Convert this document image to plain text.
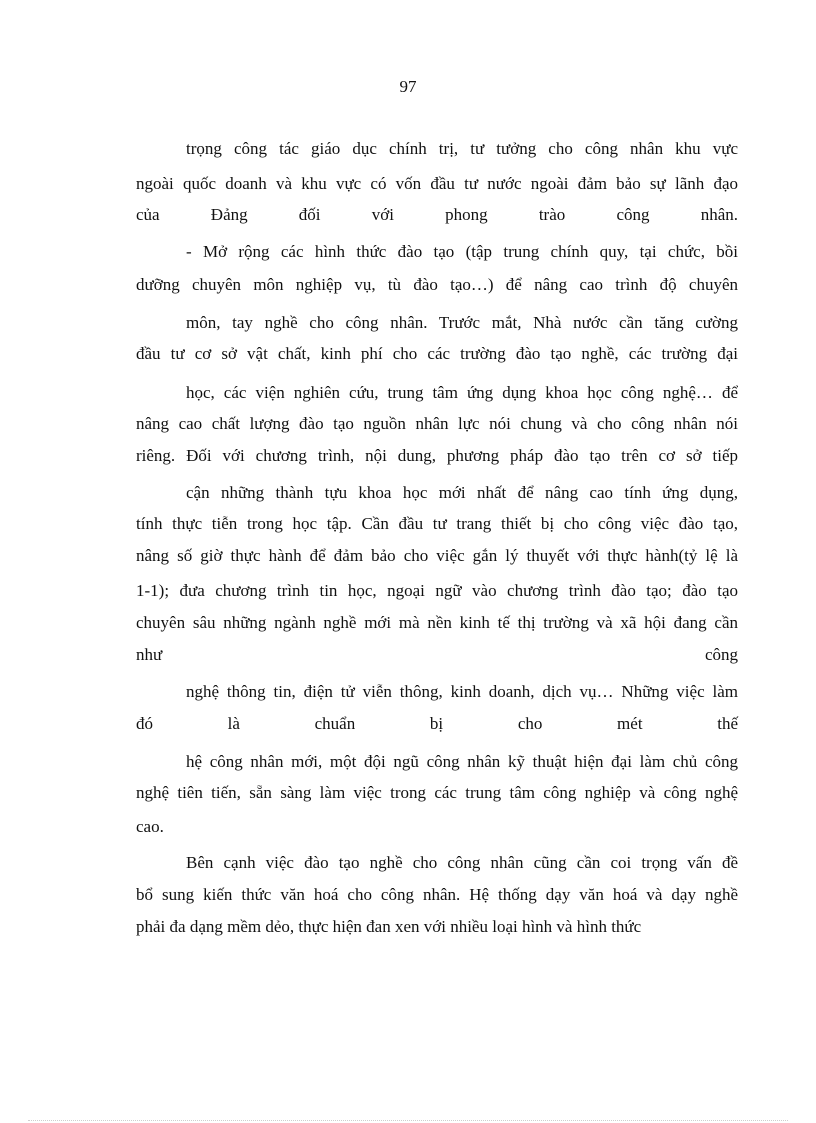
97
trọng công tác giáo dục chính trị, tư tưởng cho công nhân khu vực
ngoài quốc doanh và khu vực có vốn đầu tư nước ngoài đảm bảo sự lãnh đạo
của Đảng đối với phong trào công nhân.
- Mở rộng các hình thức đào tạo (tập trung chính quy, tại chức, bồi
dưỡng chuyên môn nghiệp vụ, tù đào tạo…) để nâng cao trình độ chuyên
môn, tay nghề cho công nhân. Trước mắt, Nhà nước cần tăng cường
đầu tư cơ sở vật chất, kinh phí cho các trường đào tạo nghề, các trường đại
học, các viện nghiên cứu, trung tâm ứng dụng khoa học công nghệ… để
nâng cao chất lượng đào tạo nguồn nhân lực nói chung và cho công nhân nói
riêng. Đối với chương trình, nội dung, phương pháp đào tạo trên cơ sở tiếp
cận những thành tựu khoa học mới nhất để nâng cao tính ứng dụng,
tính thực tiễn trong học tập. Cần đầu tư trang thiết bị cho công việc đào tạo,
nâng số giờ thực hành để đảm bảo cho việc gắn lý thuyết với thực hành(tỷ lệ là
1-1); đưa chương trình tin học, ngoại ngữ vào chương trình đào tạo; đào tạo
chuyên sâu những ngành nghề mới mà nền kinh tế thị trường và xã hội đang cần
như công
nghệ thông tin, điện tử viễn thông, kinh doanh, dịch vụ… Những việc làm
đó là chuẩn bị cho mét thế
hệ công nhân mới, một đội ngũ công nhân kỹ thuật hiện đại làm chủ công
nghệ tiên tiến, sẵn sàng làm việc trong các trung tâm công nghiệp và công nghệ
cao.
Bên cạnh việc đào tạo nghề cho công nhân cũng cần coi trọng vấn đề
bổ sung kiến thức văn hoá cho công nhân. Hệ thống dạy văn hoá và dạy nghề
phải đa dạng mềm dẻo, thực hiện đan xen với nhiều loại hình và hình thức
